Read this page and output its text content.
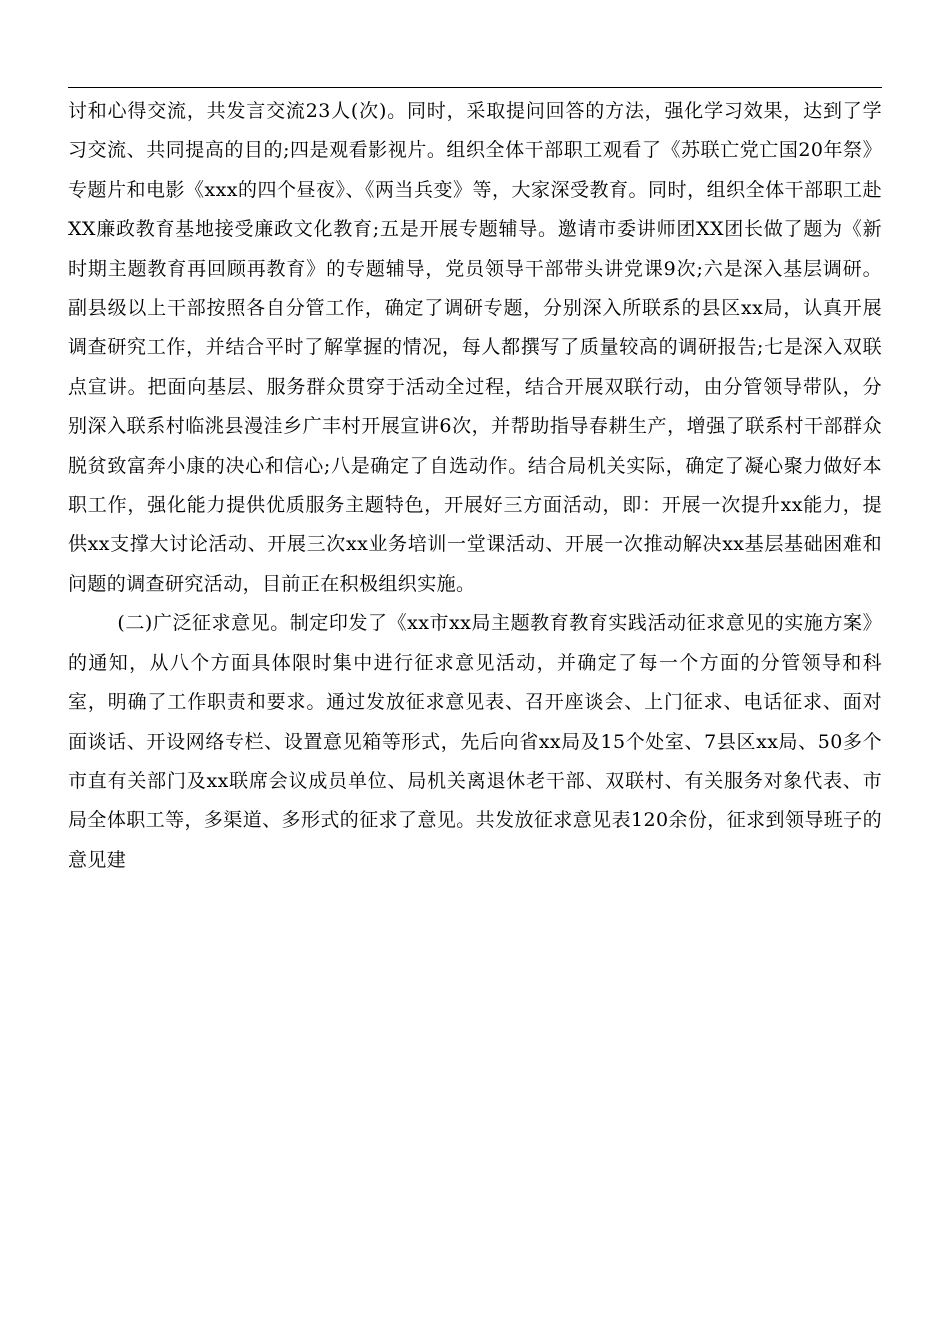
讨和心得交流，共发言交流23人(次)。同时，采取提问回答的方法，强化学习效果，达到了学习交流、共同提高的目的;四是观看影视片。组织全体干部职工观看了《苏联亡党亡国20年祭》专题片和电影《xxx的四个昼夜》、《两当兵变》等，大家深受教育。同时，组织全体干部职工赴XX廉政教育基地接受廉政文化教育;五是开展专题辅导。邀请市委讲师团XX团长做了题为《新时期主题教育再回顾再教育》的专题辅导，党员领导干部带头讲党课9次;六是深入基层调研。副县级以上干部按照各自分管工作，确定了调研专题，分别深入所联系的县区xx局，认真开展调查研究工作，并结合平时了解掌握的情况，每人都撰写了质量较高的调研报告;七是深入双联点宣讲。把面向基层、服务群众贯穿于活动全过程，结合开展双联行动，由分管领导带队，分别深入联系村临洮县漫洼乡广丰村开展宣讲6次，并帮助指导春耕生产，增强了联系村干部群众脱贫致富奔小康的决心和信心;八是确定了自选动作。结合局机关实际，确定了凝心聚力做好本职工作，强化能力提供优质服务主题特色，开展好三方面活动，即：开展一次提升xx能力，提供xx支撑大讨论活动、开展三次xx业务培训一堂课活动、开展一次推动解决xx基层基础困难和问题的调查研究活动，目前正在积极组织实施。

(二)广泛征求意见。制定印发了《xx市xx局主题教育教育实践活动征求意见的实施方案》的通知，从八个方面具体限时集中进行征求意见活动，并确定了每一个方面的分管领导和科室，明确了工作职责和要求。通过发放征求意见表、召开座谈会、上门征求、电话征求、面对面谈话、开设网络专栏、设置意见箱等形式，先后向省xx局及15个处室、7县区xx局、50多个市直有关部门及xx联席会议成员单位、局机关离退休老干部、双联村、有关服务对象代表、市局全体职工等，多渠道、多形式的征求了意见。共发放征求意见表120余份，征求到领导班子的意见建
